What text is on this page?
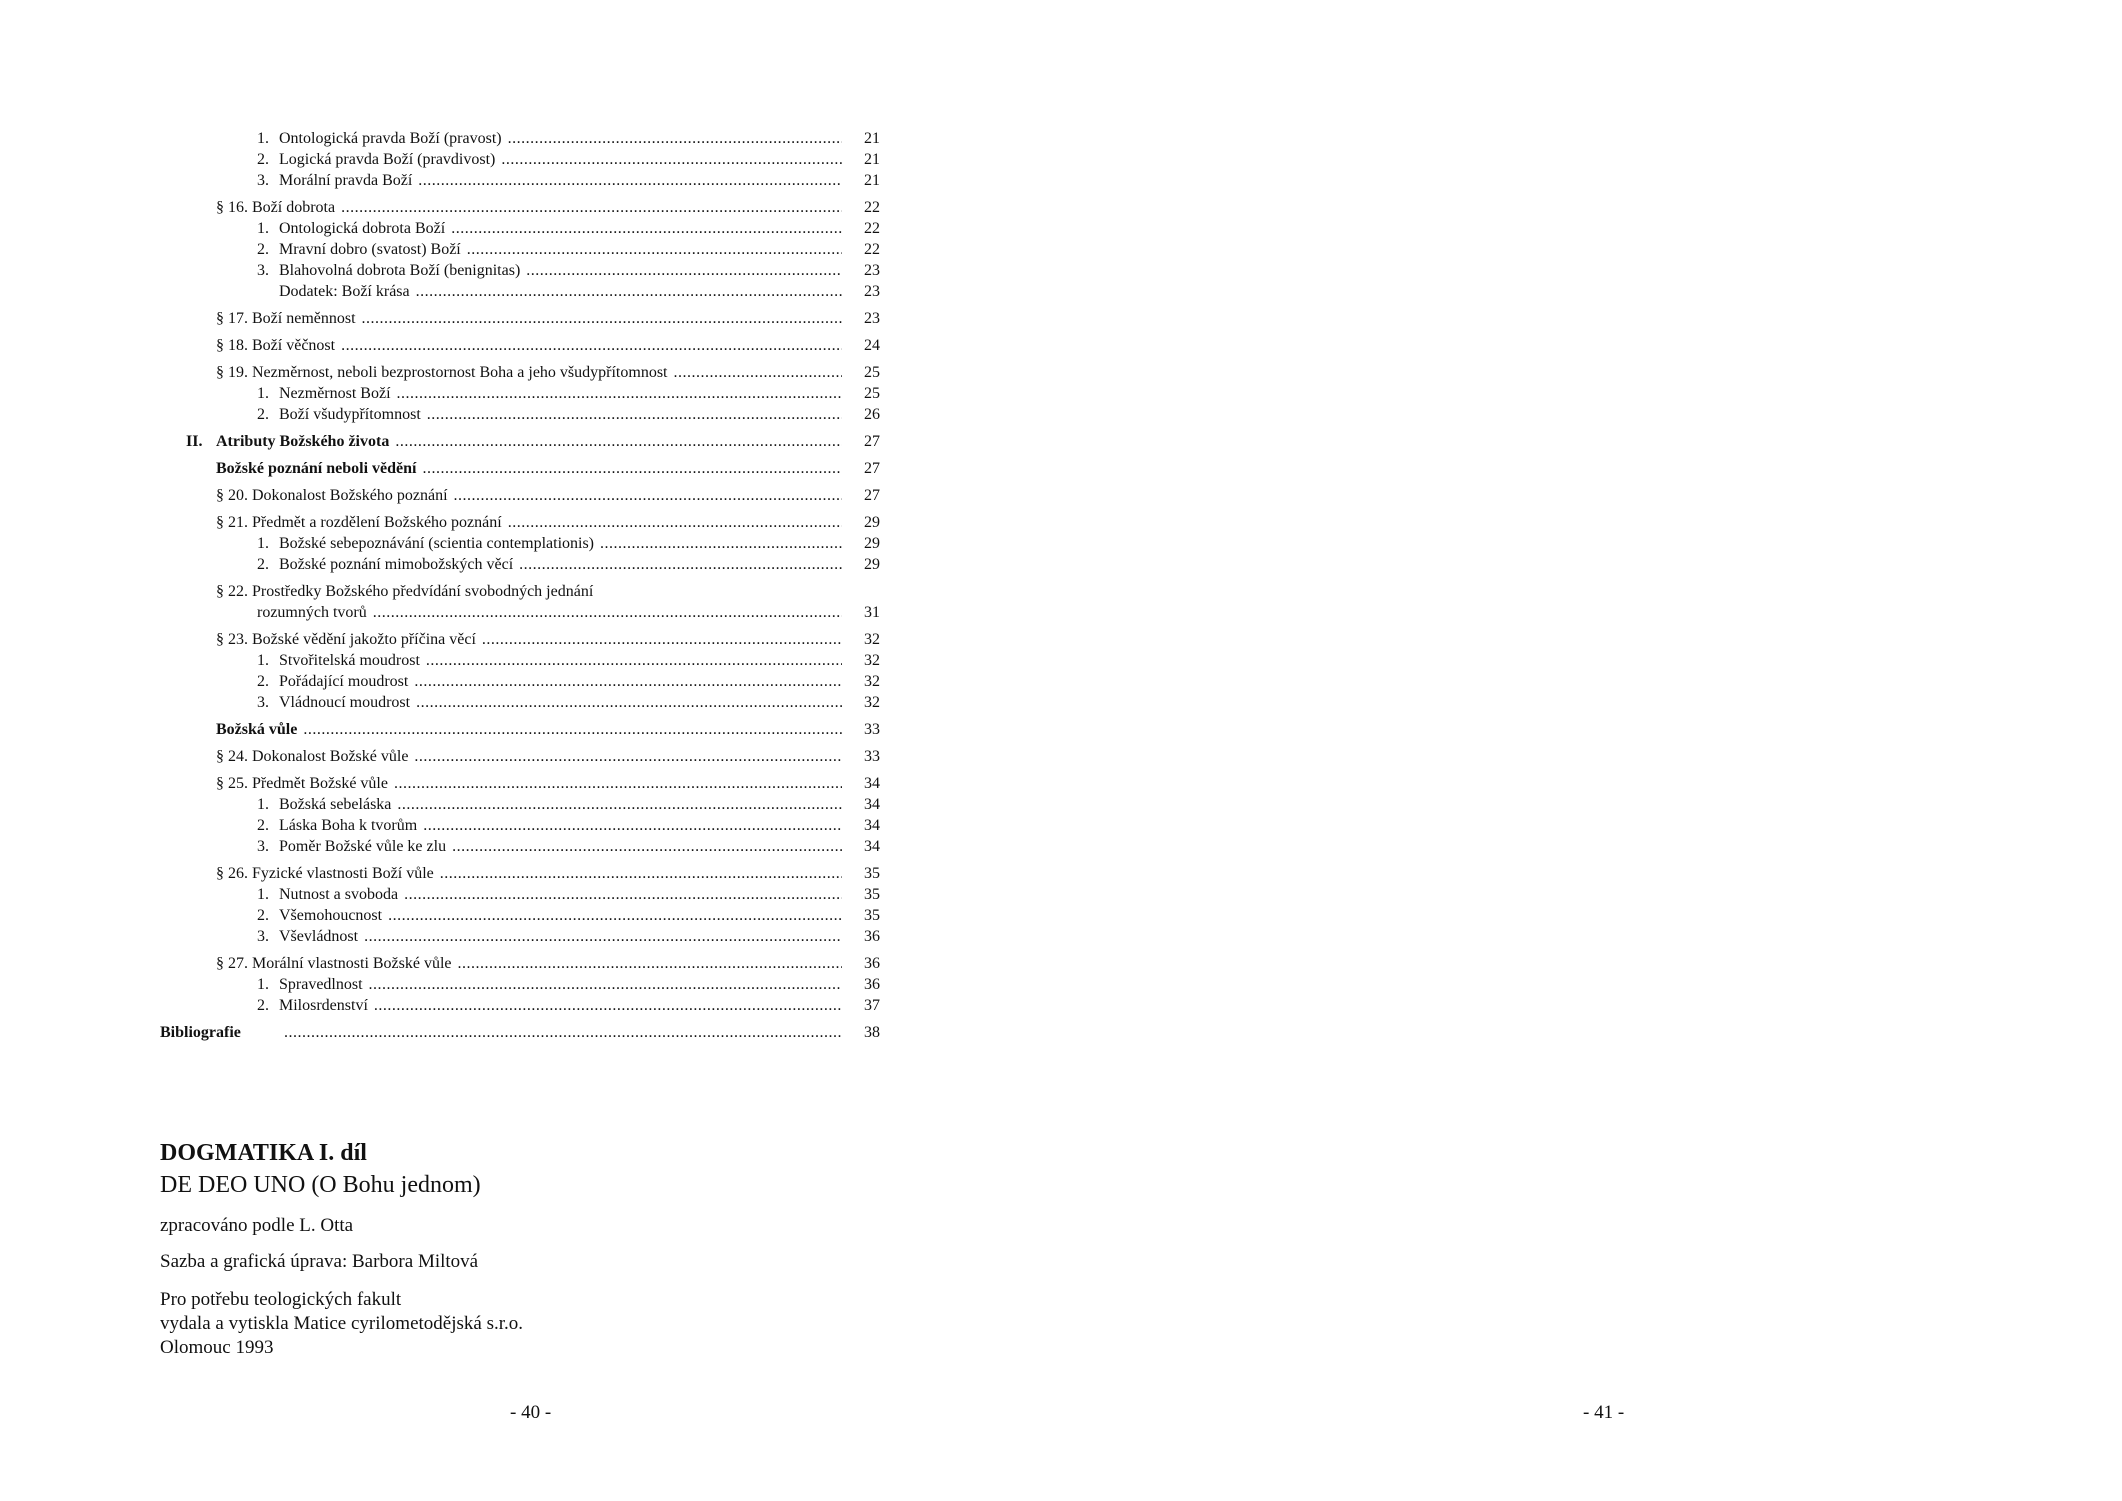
1. Ontologická pravda Boží (pravost) .....	21
2. Logická pravda Boží (pravdivost) .....	21
3. Morální pravda Boží .....	21
§ 16. Boží dobrota .....	22
1. Ontologická dobrota Boží .....	22
2. Mravní dobro (svatost) Boží .....	22
3. Blahovolná dobrota Boží (benignitas) .....	23
Dodatek: Boží krása .....	23
§ 17. Boží neměnnost .....	23
§ 18. Boží věčnost .....	24
§ 19. Nezměrnost, neboli bezprostornost Boha a jeho všudypřítomnost .....	25
1. Nezměrnost Boží .....	25
2. Boží všudypřítomnost .....	26
II. Atributy Božského života .....	27
Božské poznání neboli vědění .....	27
§ 20. Dokonalost Božského poznání .....	27
§ 21. Předmět a rozdělení Božského poznání .....	29
1. Božské sebepoznávání (scientia contemplationis) .....	29
2. Božské poznání mimobožských věcí .....	29
§ 22. Prostředky Božského předvídání svobodných jednání
rozumných tvorů .....	31
§ 23. Božské vědění jakožto příčina věcí .....	32
1. Stvořitelská moudrost .....	32
2. Pořádající moudrost .....	32
3. Vládnoucí moudrost .....	32
Božská vůle .....	33
§ 24. Dokonalost Božské vůle .....	33
§ 25. Předmět Božské vůle .....	34
1. Božská sebeláska .....	34
2. Láska Boha k tvorům .....	34
3. Poměr Božské vůle ke zlu .....	34
§ 26. Fyzické vlastnosti Boží vůle .....	35
1. Nutnost a svoboda .....	35
2. Všemohoucnost .....	35
3. Vševládnost .....	36
§ 27. Morální vlastnosti Božské vůle .....	36
1. Spravedlnost .....	36
2. Milosrdenství .....	37
Bibliografie .....	38
DOGMATIKA I. díl
DE DEO UNO (O Bohu jednom)
zpracováno podle L. Otta
Sazba a grafická úprava: Barbora Miltová
Pro potřebu teologických fakult
vydala a vytiskla Matice cyrilometodějská s.r.o.
Olomouc 1993
- 40 -	- 41 -
